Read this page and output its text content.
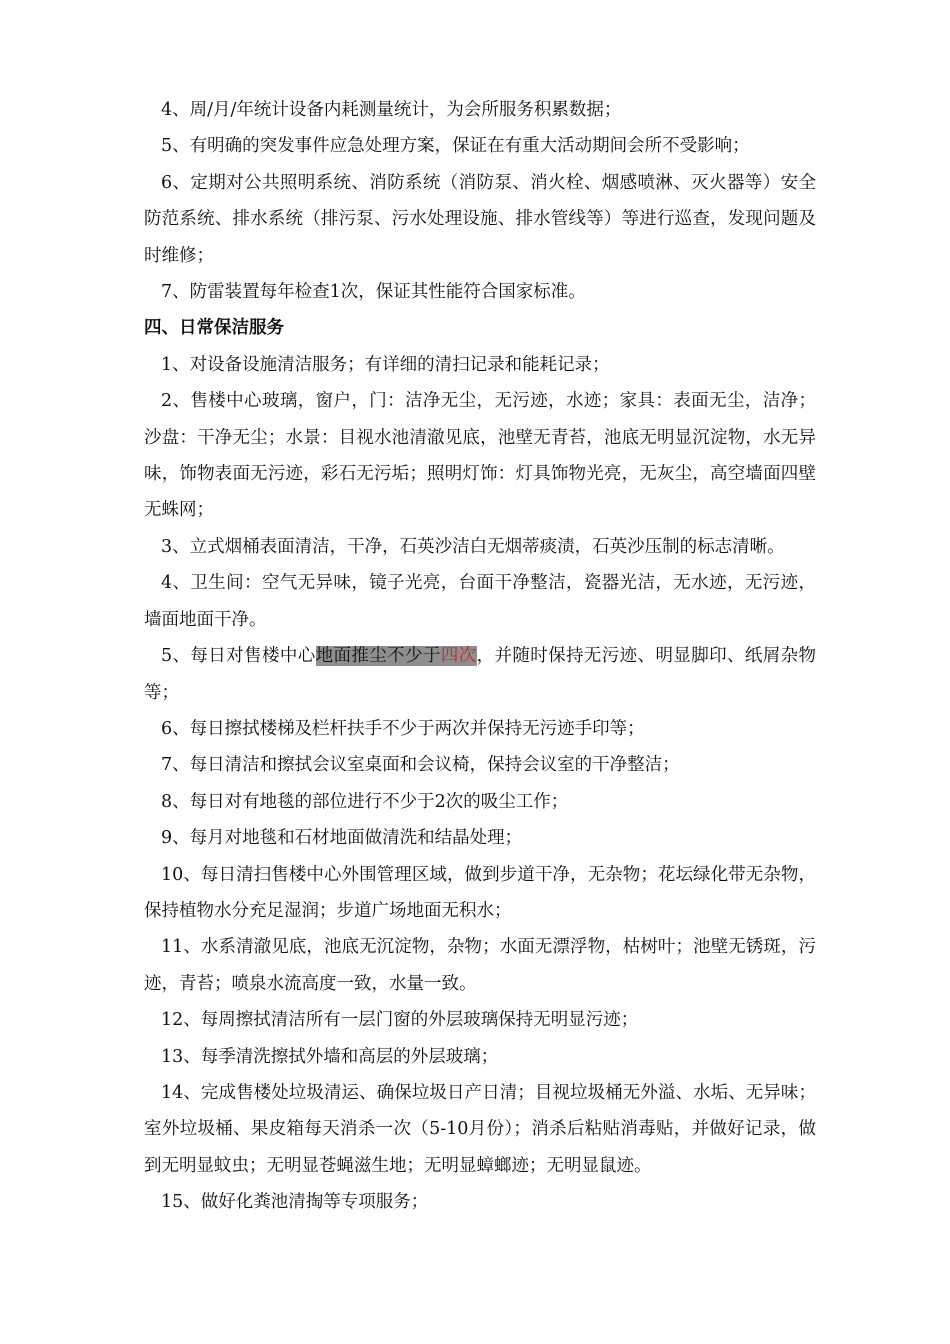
4、周/月/年统计设备内耗测量统计，为会所服务积累数据；

5、有明确的突发事件应急处理方案，保证在有重大活动期间会所不受影响；

6、定期对公共照明系统、消防系统（消防泵、消火栓、烟感喷淋、灭火器等）安全防范系统、排水系统（排污泵、污水处理设施、排水管线等）等进行巡查，发现问题及时维修；

7、防雷装置每年检查1次，保证其性能符合国家标准。

四、日常保洁服务

1、对设备设施清洁服务；有详细的清扫记录和能耗记录；

2、售楼中心玻璃，窗户，门：洁净无尘，无污迹，水迹；家具：表面无尘，洁净；沙盘：干净无尘；水景：目视水池清澈见底，池壁无青苔，池底无明显沉淀物，水无异味，饰物表面无污迹，彩石无污垢；照明灯饰：灯具饰物光亮，无灰尘，高空墙面四壁无蛛网；

3、立式烟桶表面清洁，干净，石英沙洁白无烟蒂痰渍，石英沙压制的标志清晰。

4、卫生间：空气无异味，镜子光亮，台面干净整洁，瓷器光洁，无水迹，无污迹，墙面地面干净。

5、每日对售楼中心地面推尘不少于四次，并随时保持无污迹、明显脚印、纸屑杂物等；

6、每日擦拭楼梯及栏杆扶手不少于两次并保持无污迹手印等；

7、每日清洁和擦拭会议室桌面和会议椅，保持会议室的干净整洁；

8、每日对有地毯的部位进行不少于2次的吸尘工作；

9、每月对地毯和石材地面做清洗和结晶处理；

10、每日清扫售楼中心外围管理区域，做到步道干净，无杂物；花坛绿化带无杂物，保持植物水分充足湿润；步道广场地面无积水；

11、水系清澈见底，池底无沉淀物，杂物；水面无漂浮物，枯树叶；池壁无锈斑，污迹，青苔；喷泉水流高度一致，水量一致。

12、每周擦拭清洁所有一层门窗的外层玻璃保持无明显污迹；

13、每季清洗擦拭外墙和高层的外层玻璃；

14、完成售楼处垃圾清运、确保垃圾日产日清；目视垃圾桶无外溢、水垢、无异味；室外垃圾桶、果皮箱每天消杀一次（5-10月份）；消杀后粘贴消毒贴，并做好记录，做到无明显蚊虫；无明显苍蝇滋生地；无明显蟑螂迹；无明显鼠迹。

15、做好化粪池清掏等专项服务；
